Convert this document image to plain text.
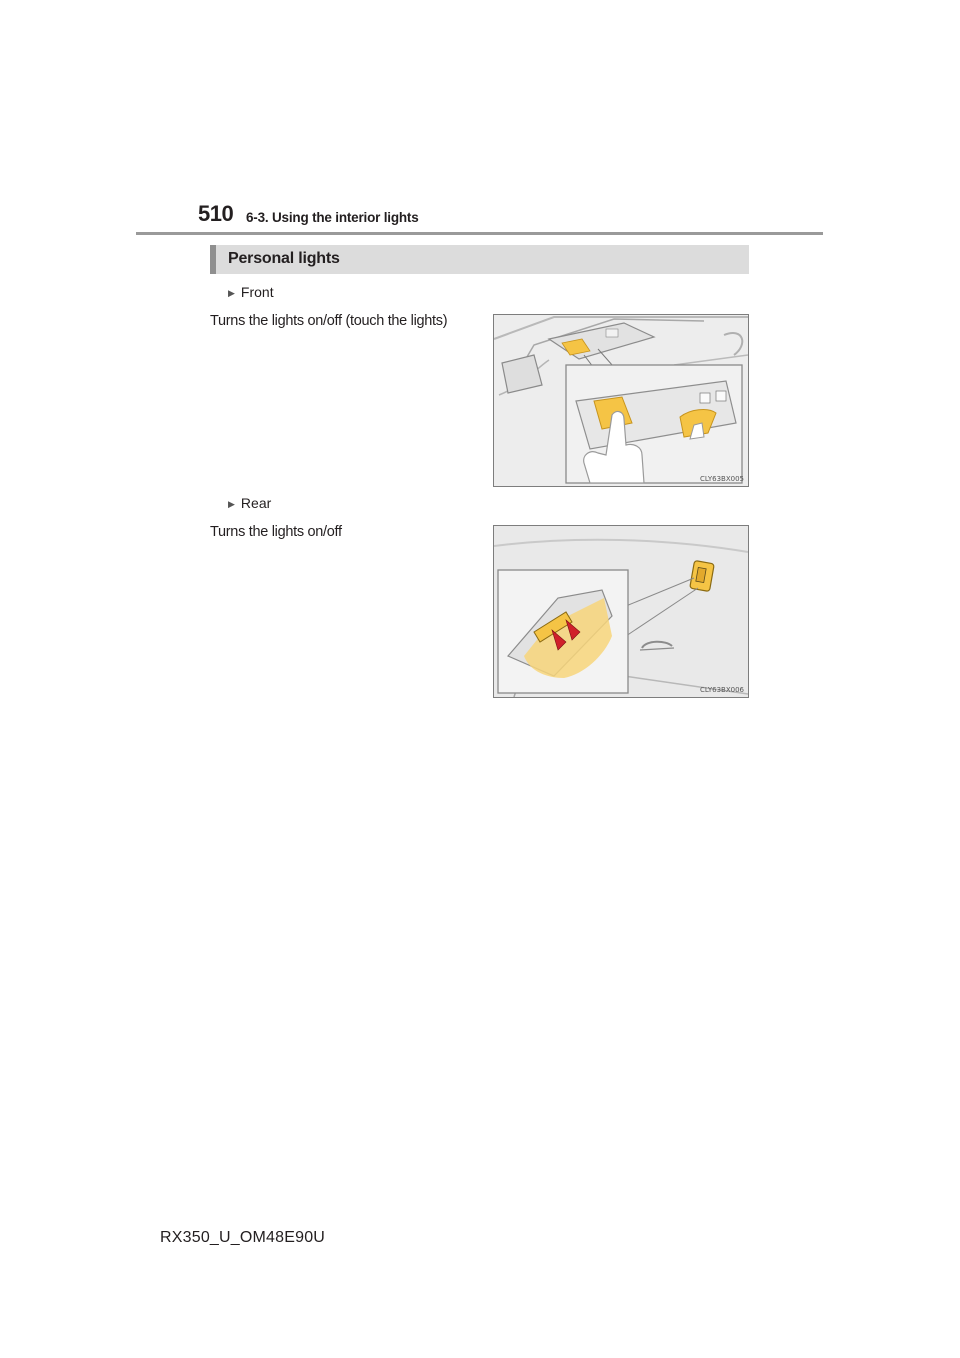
510 6-3. Using the interior lights
Personal lights
▶ Front
Turns the lights on/off (touch the lights)
CLY63BX005
▶ Rear
Turns the lights on/off
CLY63BX006
RX350_U_OM48E90U
